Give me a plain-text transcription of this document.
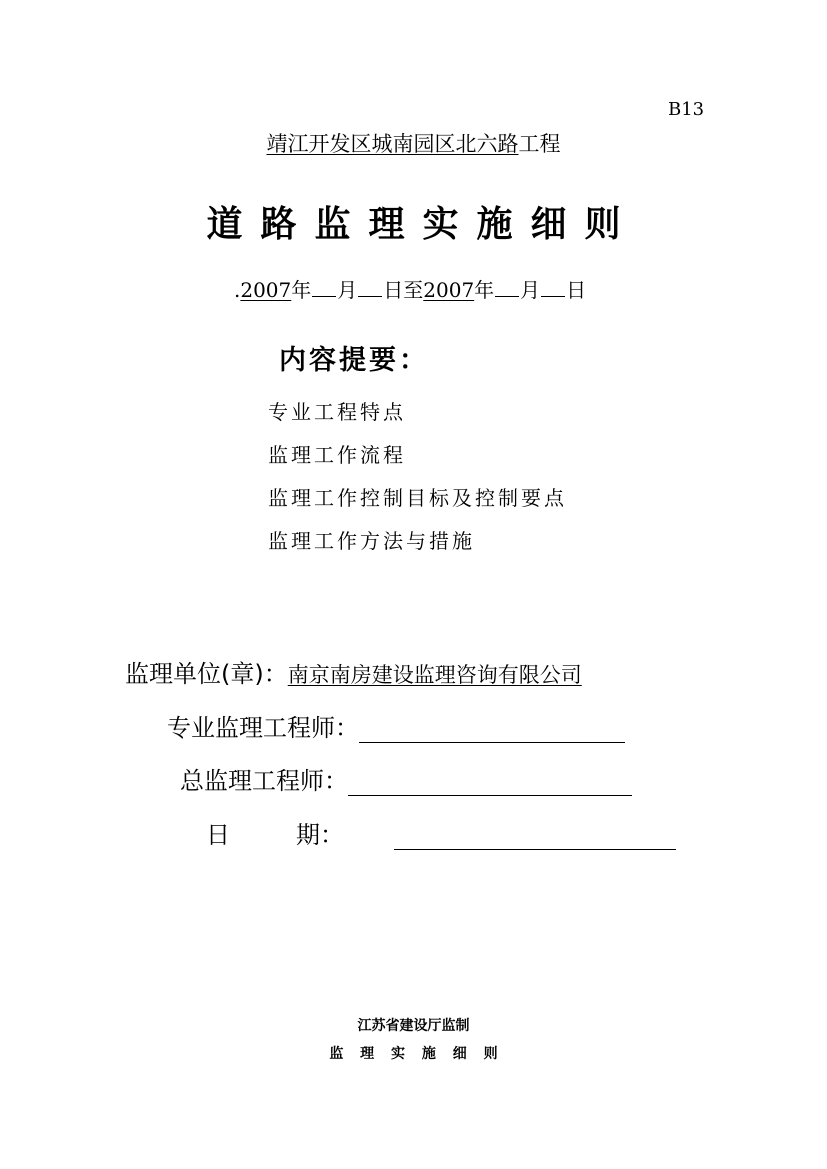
B13
靖江开发区城南园区北六路工程
道路监理实施细则
.2007年 月 日至2007年 月 日
内容提要：
专业工程特点
监理工作流程
监理工作控制目标及控制要点
监理工作方法与措施
监理单位(章)：南京南房建设监理咨询有限公司
专业监理工程师：
总监理工程师：
日	期：
江苏省建设厅监制
监 理 实 施 细 则
